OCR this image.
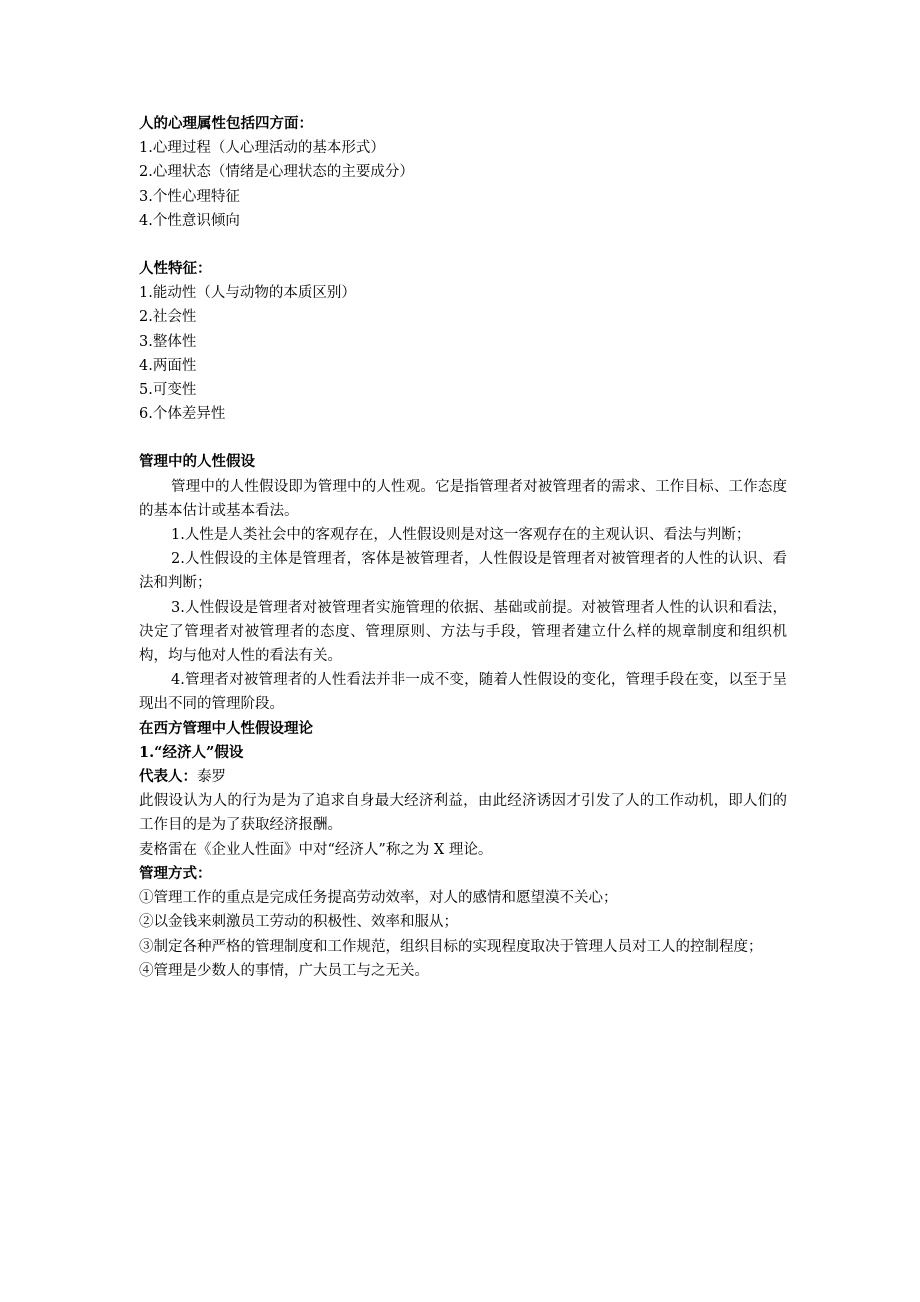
人的心理属性包括四方面：

1.心理过程（人心理活动的基本形式）

2.心理状态（情绪是心理状态的主要成分）

3.个性心理特征

4.个性意识倾向

人性特征：

1.能动性（人与动物的本质区别）

2.社会性

3.整体性

4.两面性

5.可变性

6.个体差异性

管理中的人性假设

管理中的人性假设即为管理中的人性观。它是指管理者对被管理者的需求、工作目标、工作态度的基本估计或基本看法。

1.人性是人类社会中的客观存在，人性假设则是对这一客观存在的主观认识、看法与判断；

2.人性假设的主体是管理者，客体是被管理者，人性假设是管理者对被管理者的人性的认识、看法和判断；

3.人性假设是管理者对被管理者实施管理的依据、基础或前提。对被管理者人性的认识和看法，决定了管理者对被管理者的态度、管理原则、方法与手段，管理者建立什么样的规章制度和组织机构，均与他对人性的看法有关。

4.管理者对被管理者的人性看法并非一成不变，随着人性假设的变化，管理手段在变，以至于呈现出不同的管理阶段。

在西方管理中人性假设理论

1.“经济人”假设

代表人：泰罗

此假设认为人的行为是为了追求自身最大经济利益，由此经济诱因才引发了人的工作动机，即人们的工作目的是为了获取经济报酬。

麦格雷在《企业人性面》中对“经济人”称之为 X 理论。

管理方式：

①管理工作的重点是完成任务提高劳动效率，对人的感情和愿望漠不关心；

②以金钱来刺激员工劳动的积极性、效率和服从；

③制定各种严格的管理制度和工作规范，组织目标的实现程度取决于管理人员对工人的控制程度；

④管理是少数人的事情，广大员工与之无关。
